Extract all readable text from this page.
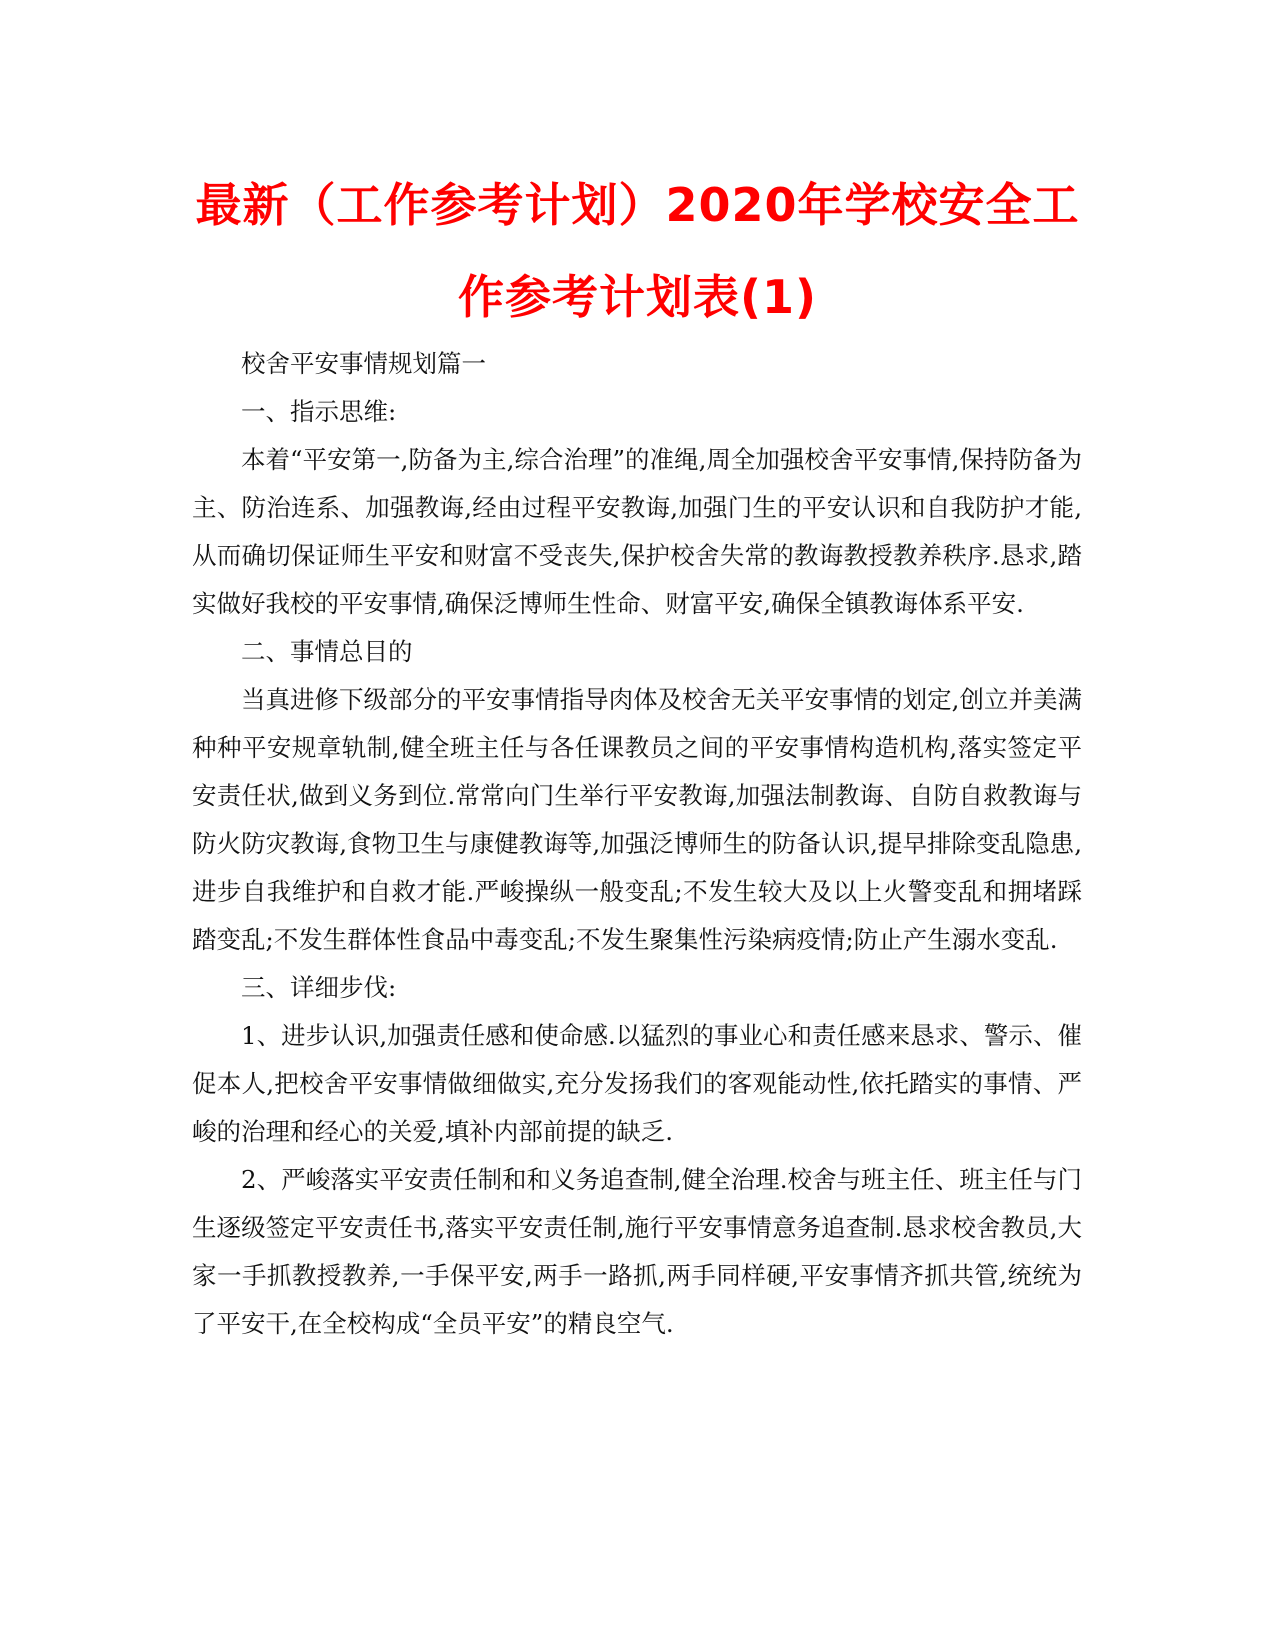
最新（工作参考计划）2020年学校安全工
作参考计划表(1)

校舍平安事情规划篇一

一、指示思维:

本着“平安第一,防备为主,综合治理”的准绳,周全加强校舍平安事情,保持防备为主、防治连系、加强教诲,经由过程平安教诲,加强门生的平安认识和自我防护才能,从而确切保证师生平安和财富不受丧失,保护校舍失常的教诲教授教养秩序.恳求,踏实做好我校的平安事情,确保泛博师生性命、财富平安,确保全镇教诲体系平安.

二、事情总目的

当真进修下级部分的平安事情指导肉体及校舍无关平安事情的划定,创立并美满种种平安规章轨制,健全班主任与各任课教员之间的平安事情构造机构,落实签定平安责任状,做到义务到位.常常向门生举行平安教诲,加强法制教诲、自防自救教诲与防火防灾教诲,食物卫生与康健教诲等,加强泛博师生的防备认识,提早排除变乱隐患,进步自我维护和自救才能.严峻操纵一般变乱;不发生较大及以上火警变乱和拥堵踩踏变乱;不发生群体性食品中毒变乱;不发生聚集性污染病疫情;防止产生溺水变乱.

三、详细步伐:

1、进步认识,加强责任感和使命感.以猛烈的事业心和责任感来恳求、警示、催促本人,把校舍平安事情做细做实,充分发扬我们的客观能动性,依托踏实的事情、严峻的治理和经心的关爱,填补内部前提的缺乏.

2、严峻落实平安责任制和和义务追查制,健全治理.校舍与班主任、班主任与门生逐级签定平安责任书,落实平安责任制,施行平安事情意务追查制.恳求校舍教员,大家一手抓教授教养,一手保平安,两手一路抓,两手同样硬,平安事情齐抓共管,统统为了平安干,在全校构成“全员平安”的精良空气.
